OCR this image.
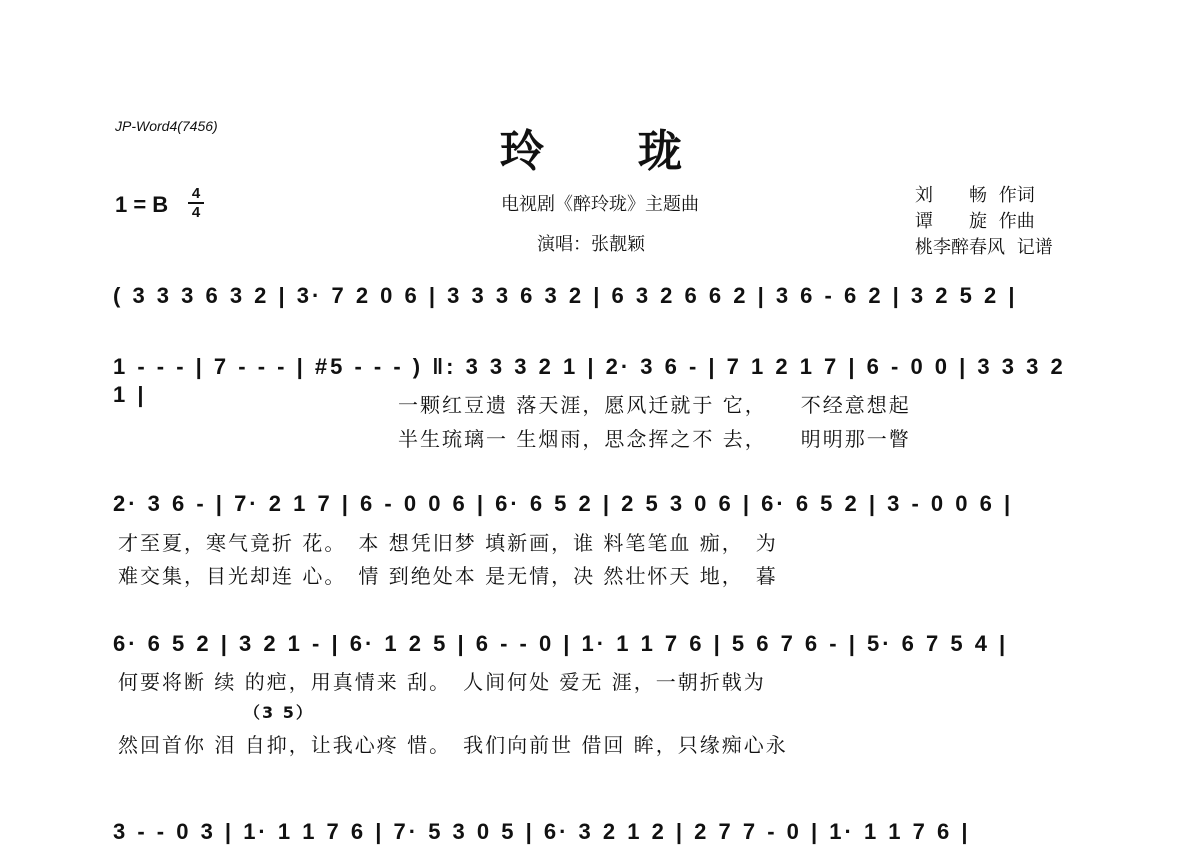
JP-Word4(7456)	玲 珑
1 = B	4
4	电视剧《醉玲珑》主题曲
演唱：张靓颖
刘　　畅 作词
谭　　旋 作曲
桃李醉春风 记谱
( 3 3 3 6 3 2 | 3· 7 2 0 6 | 3 3 3 6 3 2 | 6 3 2 6 6 2 | 3 6 - 6 2 | 3 2 5 2 |
1 - - - | 7 - - - | #5 - - - ) ‖: 3 3 3 2 1 | 2· 3 6 - | 7 1 2 1 7 | 6 - 0 0 | 3 3 3 2 1 |	一颗红豆遗 落天涯，愿风迁就于 它，　　不经意想起
半生琉璃一 生烟雨，思念挥之不 去，　　明明那一瞥
2· 3 6 - | 7· 2 1 7 | 6 - 0 0 6 | 6· 6 5 2 | 2 5 3 0 6 | 6· 6 5 2 | 3 - 0 0 6 |
才至夏，寒气竟折 花。　本 想凭旧梦 填新画，谁 料笔笔血 痂，　为
难交集，目光却连 心。　情 到绝处本 是无情，决 然壮怀天 地，　暮
6· 6 5 2 | 3 2 1 - | 6· 1 2 5 | 6 - - 0 | 1· 1 1 7 6 | 5 6 7 6 - | 5· 6 7 5 4 |
何要将断 续 的疤，用真情来 刮。　人间何处 爱无 涯，一朝折戟为
（3 5）
然回首你 泪 自抑，让我心疼 惜。　我们向前世 借回 眸，只缘痴心永
3 - - 0 3 | 1· 1 1 7 6 | 7· 5 3 0 5 | 6· 3 2 1 2 | 2 7 7 - 0 | 1· 1 1 7 6 |
